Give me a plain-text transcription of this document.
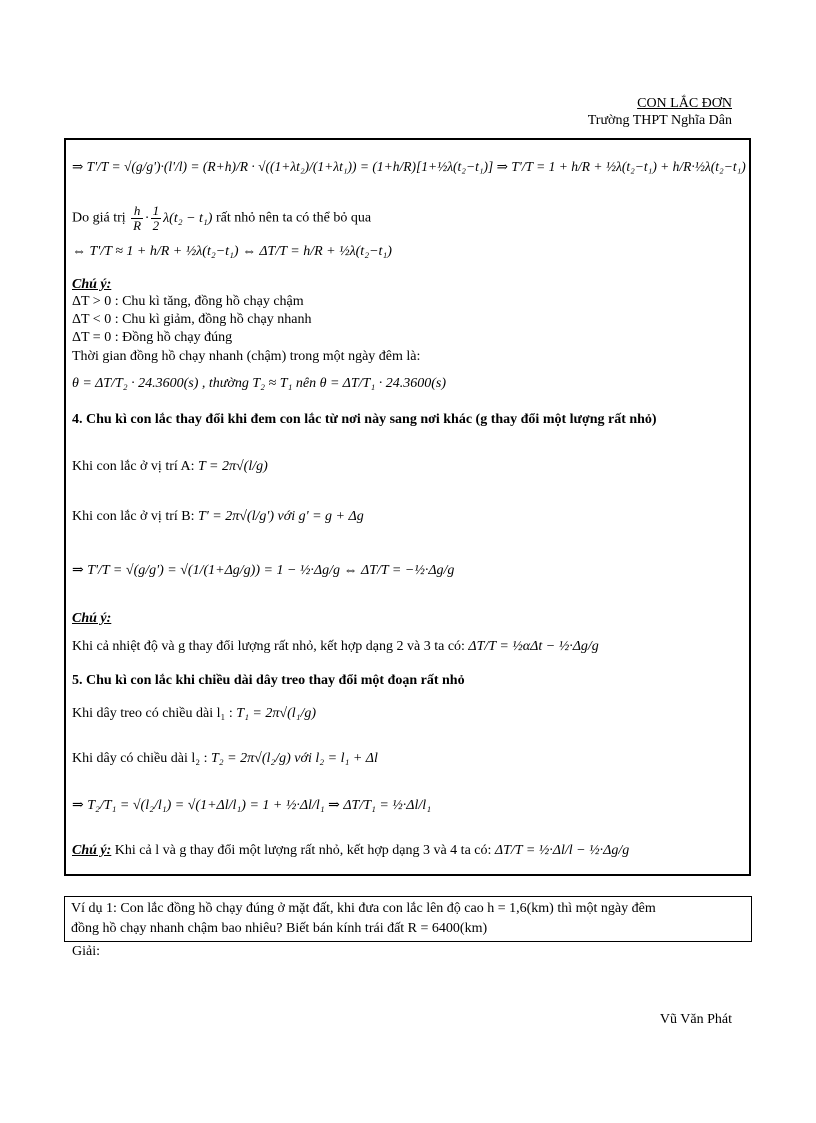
CON LẮC ĐƠN
Trường THPT Nghĩa Dân
⇒ T'/T = √(g/g')·(l'/l) = (R+h)/R · √((1+λt₂)/(1+λt₁)) = (1+h/R)[1+½λ(t₂−t₁)] ⇒ T'/T = 1 + h/R + ½λ(t₂−t₁) + h/R·½λ(t₂−t₁)
Do giá trị $\frac{h}{R} \cdot \frac{1}{2} \lambda(t_2 - t_1)$ rất nhỏ nên ta có thể bỏ qua
⇔ T'/T ≈ 1 + h/R + ½λ(t₂−t₁) ⇔ ΔT/T = h/R + ½λ(t₂−t₁)
Chú ý:
ΔT > 0 : Chu kì tăng, đồng hồ chạy chậm
ΔT < 0 : Chu kì giảm, đồng hồ chạy nhanh
ΔT = 0 : Đồng hồ chạy đúng
Thời gian đồng hồ chạy nhanh (chậm) trong một ngày đêm là:
θ = ΔT/T₂ · 24.3600(s) , thường T₂ ≈ T₁ nên θ = ΔT/T₁ · 24.3600(s)
4. Chu kì con lắc thay đổi khi đem con lắc từ nơi này sang nơi khác (g thay đổi một lượng rất nhỏ)
Khi con lắc ở vị trí A: T = 2π√(l/g)
Khi con lắc ở vị trí B: T' = 2π√(l/g') với g' = g + Δg
⇒ T'/T = √(g/g') = √(1/(1+Δg/g)) = 1 − ½·Δg/g ⇔ ΔT/T = −½·Δg/g
Chú ý:
Khi cả nhiệt độ và g thay đổi lượng rất nhỏ, kết hợp dạng 2 và 3 ta có: ΔT/T = ½αΔt − ½·Δg/g
5. Chu kì con lắc khi chiều dài dây treo thay đổi một đoạn rất nhỏ
Khi dây treo có chiều dài l₁ : T₁ = 2π√(l₁/g)
Khi dây có chiều dài l₂ : T₂ = 2π√(l₂/g) với l₂ = l₁ + Δl
⇒ T₂/T₁ = √(l₂/l₁) = √(1+Δl/l₁) = 1 + ½·Δl/l₁ ⇒ ΔT/T₁ = ½·Δl/l₁
Chú ý: Khi cả l và g thay đổi một lượng rất nhỏ, kết hợp dạng 3 và 4 ta có: ΔT/T = ½·Δl/l − ½·Δg/g
Ví dụ 1: Con lắc đồng hồ chạy đúng ở mặt đất, khi đưa con lắc lên độ cao h = 1,6(km) thì một ngày đêm
đồng hồ chạy nhanh chậm bao nhiêu? Biết bán kính trái đất R = 6400(km)
Giải:
Vũ Văn Phát
